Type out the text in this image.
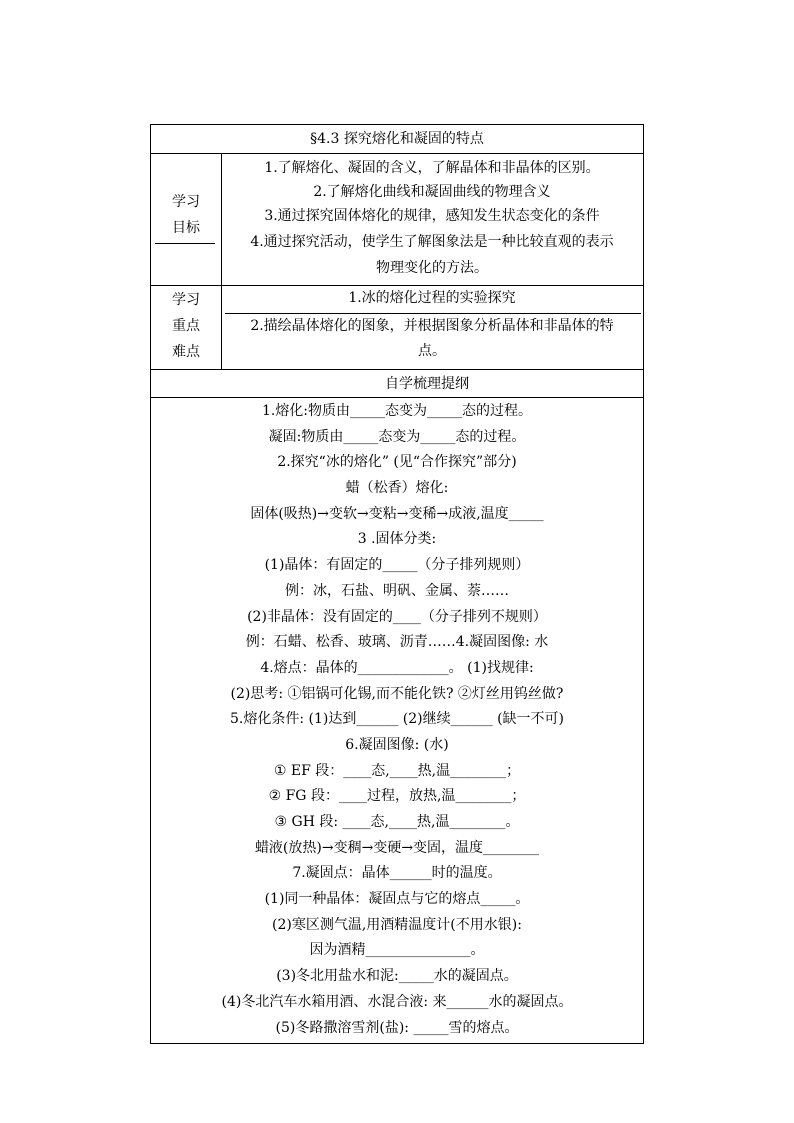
§4.3 探究熔化和凝固的特点
学习
目标
1.了解熔化、凝固的含义，了解晶体和非晶体的区别。
2.了解熔化曲线和凝固曲线的物理含义
3.通过探究固体熔化的规律，感知发生状态变化的条件
4.通过探究活动，使学生了解图象法是一种比较直观的表示
物理变化的方法。
学习
重点
难点
1.冰的熔化过程的实验探究
2.描绘晶体熔化的图象，并根据图象分析晶体和非晶体的特
点。
自学梳理提纲
1.熔化:物质由_____态变为_____态的过程。
凝固:物质由_____态变为_____态的过程。
2.探究“冰的熔化” (见“合作探究”部分)
蜡（松香）熔化:
固体(吸热)→变软→变粘→变稀→成液,温度_____
3 .固体分类:
(1)晶体：有固定的_____（分子排列规则）
例：冰，石盐、明矾、金属、萘……
(2)非晶体：没有固定的____（分子排列不规则）
例：石蜡、松香、玻璃、沥青……4.凝固图像: 水
4.熔点：晶体的_____________。 (1)找规律:
(2)思考: ①铝锅可化锡,而不能化铁? ②灯丝用钨丝做?
5.熔化条件: (1)达到______ (2)继续______ (缺一不可)
6.凝固图像: (水)
① EF 段：____态,____热,温________；
② FG 段：____过程，放热,温________；
③ GH 段: ____态,____热,温________。
蜡液(放热)→变稠→变硬→变固，温度________
7.凝固点：晶体______时的温度。
(1)同一种晶体：凝固点与它的熔点_____。
(2)寒区测气温,用酒精温度计(不用水银):
因为酒精_______________。
(3)冬北用盐水和泥:_____水的凝固点。
(4)冬北汽车水箱用酒、水混合液: 来______水的凝固点。
(5)冬路撒溶雪剂(盐): _____雪的熔点。
